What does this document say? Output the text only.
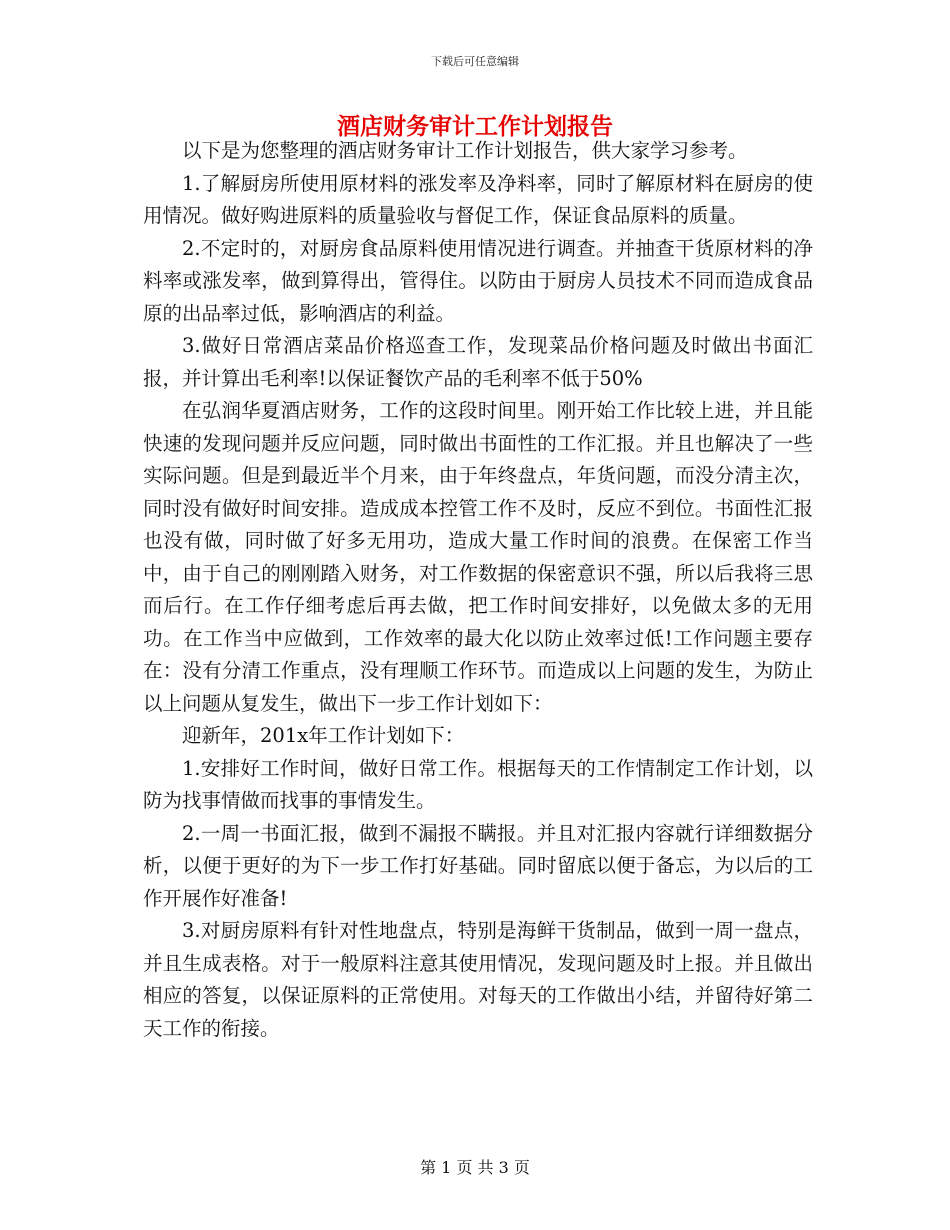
下载后可任意编辑
酒店财务审计工作计划报告

以下是为您整理的酒店财务审计工作计划报告，供大家学习参考。

1.了解厨房所使用原材料的涨发率及净料率，同时了解原材料在厨房的使用情况。做好购进原料的质量验收与督促工作，保证食品原料的质量。

2.不定时的，对厨房食品原料使用情况进行调查。并抽查干货原材料的净料率或涨发率，做到算得出，管得住。以防由于厨房人员技术不同而造成食品原的出品率过低，影响酒店的利益。

3.做好日常酒店菜品价格巡查工作，发现菜品价格问题及时做出书面汇报，并计算出毛利率!以保证餐饮产品的毛利率不低于50%

在弘润华夏酒店财务，工作的这段时间里。刚开始工作比较上进，并且能快速的发现问题并反应问题，同时做出书面性的工作汇报。并且也解决了一些实际问题。但是到最近半个月来，由于年终盘点，年货问题，而没分清主次，同时没有做好时间安排。造成成本控管工作不及时，反应不到位。书面性汇报也没有做，同时做了好多无用功，造成大量工作时间的浪费。在保密工作当中，由于自己的刚刚踏入财务，对工作数据的保密意识不强，所以后我将三思而后行。在工作仔细考虑后再去做，把工作时间安排好，以免做太多的无用功。在工作当中应做到，工作效率的最大化以防止效率过低!工作问题主要存在：没有分清工作重点，没有理顺工作环节。而造成以上问题的发生，为防止以上问题从复发生，做出下一步工作计划如下：

迎新年，201x年工作计划如下：

1.安排好工作时间，做好日常工作。根据每天的工作情制定工作计划，以防为找事情做而找事的事情发生。

2.一周一书面汇报，做到不漏报不瞒报。并且对汇报内容就行详细数据分析，以便于更好的为下一步工作打好基础。同时留底以便于备忘，为以后的工作开展作好准备!

3.对厨房原料有针对性地盘点，特别是海鲜干货制品，做到一周一盘点，并且生成表格。对于一般原料注意其使用情况，发现问题及时上报。并且做出相应的答复，以保证原料的正常使用。对每天的工作做出小结，并留待好第二天工作的衔接。

第 1 页 共 3 页
